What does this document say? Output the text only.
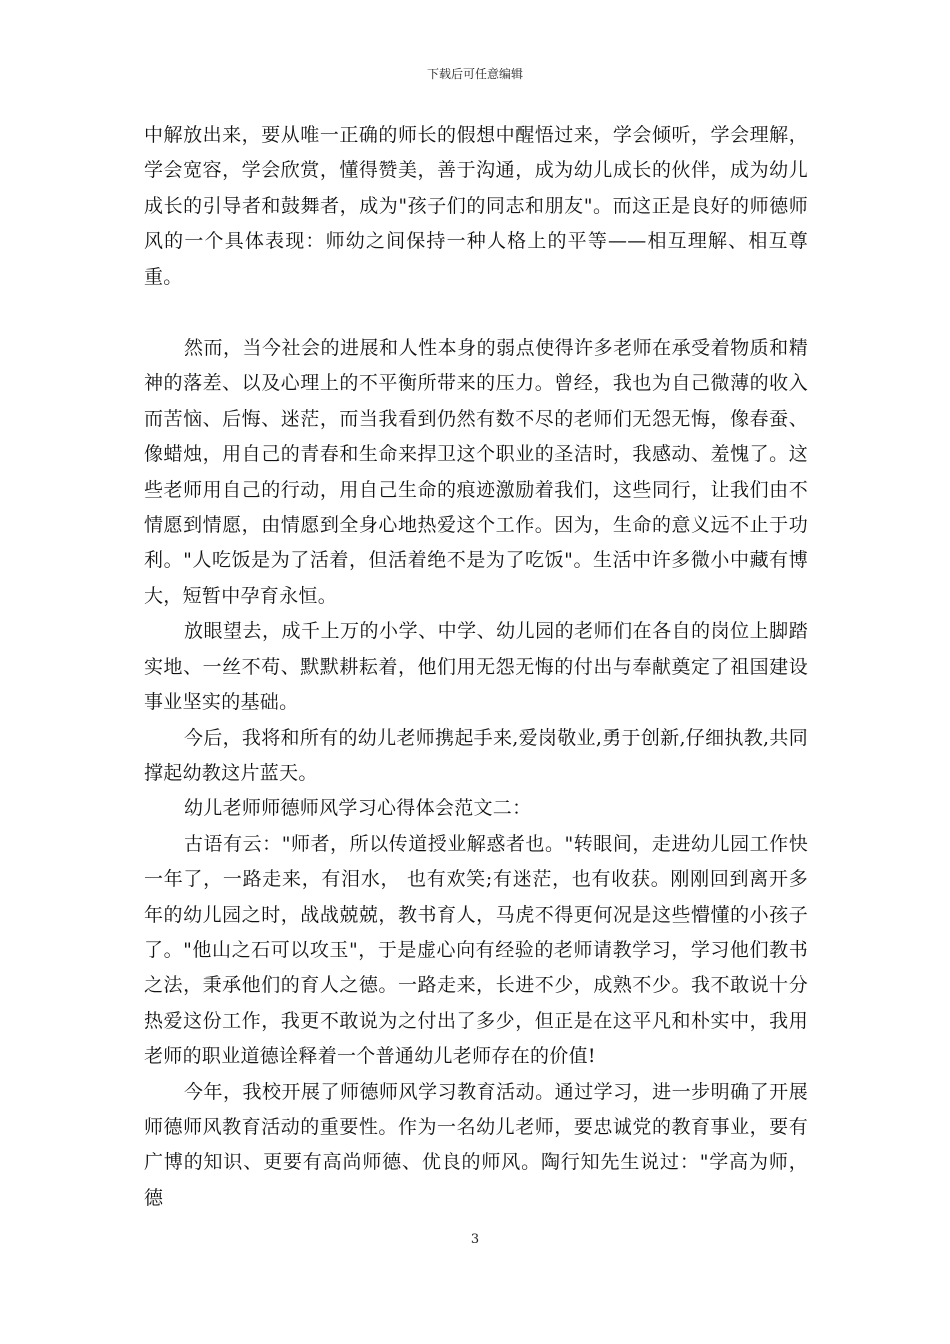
下载后可任意编辑

中解放出来，要从唯一正确的师长的假想中醒悟过来，学会倾听，学会理解，学会宽容，学会欣赏，懂得赞美，善于沟通，成为幼儿成长的伙伴，成为幼儿成长的引导者和鼓舞者，成为"孩子们的同志和朋友"。而这正是良好的师德师风的一个具体表现：师幼之间保持一种人格上的平等——相互理解、相互尊重。

然而，当今社会的进展和人性本身的弱点使得许多老师在承受着物质和精神的落差、以及心理上的不平衡所带来的压力。曾经，我也为自己微薄的收入而苦恼、后悔、迷茫，而当我看到仍然有数不尽的老师们无怨无悔，像春蚕、像蜡烛，用自己的青春和生命来捍卫这个职业的圣洁时，我感动、羞愧了。这些老师用自己的行动，用自己生命的痕迹激励着我们，这些同行，让我们由不情愿到情愿，由情愿到全身心地热爱这个工作。因为，生命的意义远不止于功利。"人吃饭是为了活着，但活着绝不是为了吃饭"。生活中许多微小中藏有博大，短暂中孕育永恒。

放眼望去，成千上万的小学、中学、幼儿园的老师们在各自的岗位上脚踏实地、一丝不苟、默默耕耘着，他们用无怨无悔的付出与奉献奠定了祖国建设事业坚实的基础。

今后，我将和所有的幼儿老师携起手来,爱岗敬业,勇于创新,仔细执教,共同撑起幼教这片蓝天。

幼儿老师师德师风学习心得体会范文二：

古语有云："师者，所以传道授业解惑者也。"转眼间，走进幼儿园工作快一年了，一路走来，有泪水， 也有欢笑;有迷茫，也有收获。刚刚回到离开多年的幼儿园之时，战战兢兢，教书育人，马虎不得更何况是这些懵懂的小孩子了。"他山之石可以攻玉"，于是虚心向有经验的老师请教学习，学习他们教书之法，秉承他们的育人之德。一路走来，长进不少，成熟不少。我不敢说十分热爱这份工作，我更不敢说为之付出了多少，但正是在这平凡和朴实中，我用老师的职业道德诠释着一个普通幼儿老师存在的价值!

今年，我校开展了师德师风学习教育活动。通过学习，进一步明确了开展师德师风教育活动的重要性。作为一名幼儿老师，要忠诚党的教育事业，要有广博的知识、更要有高尚师德、优良的师风。陶行知先生说过："学高为师，德

3
